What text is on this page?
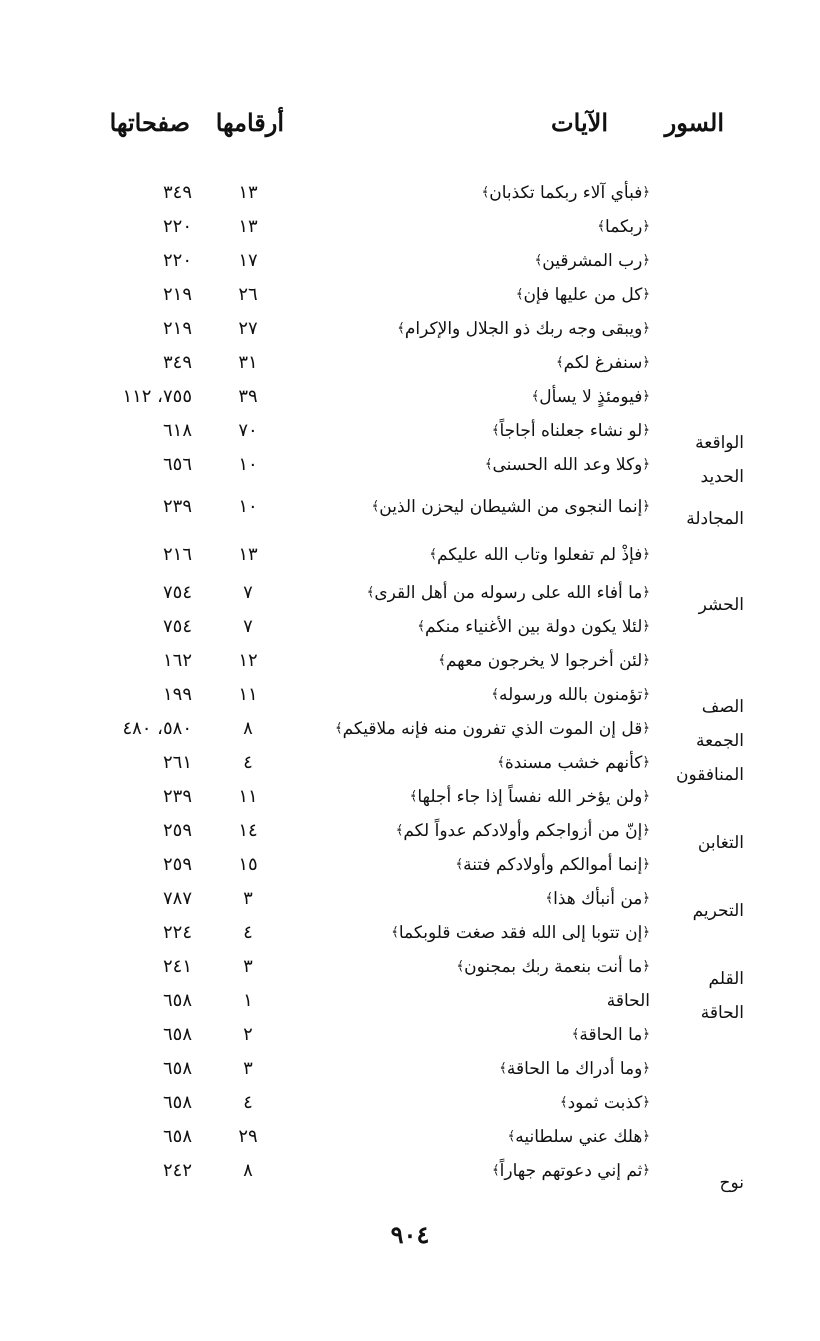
السور
الآيات
أرقامها
صفحاتها
﴿فبأي آلاء ربكما تكذبان﴾
١٣
٣٤٩
﴿ربكما﴾
١٣
٢٢٠
﴿رب المشرقين﴾
١٧
٢٢٠
﴿كل من عليها فإن﴾
٢٦
٢١٩
﴿ويبقى وجه ربك ذو الجلال والإكرام﴾
٢٧
٢١٩
﴿سنفرغ لكم﴾
٣١
٣٤٩
﴿فيومئذٍ لا يسأل﴾
٣٩
٧٥٥، ١١٢
الواقعة
﴿لو نشاء جعلناه أجاجاً﴾
٧٠
٦١٨
الحديد
﴿وكلا وعد الله الحسنى﴾
١٠
٦٥٦
المجادلة
﴿إنما النجوى من الشيطان ليحزن الذين﴾
١٠
٢٣٩
﴿فإذْ لم تفعلوا وتاب الله عليكم﴾
١٣
٢١٦
الحشر
﴿ما أفاء الله على رسوله من أهل القرى﴾
٧
٧٥٤
﴿لئلا يكون دولة بين الأغنياء منكم﴾
٧
٧٥٤
﴿لئن أخرجوا لا يخرجون معهم﴾
١٢
١٦٢
الصف
﴿تؤمنون بالله ورسوله﴾
١١
١٩٩
الجمعة
﴿قل إن الموت الذي تفرون منه فإنه ملاقيكم﴾
٨
٥٨٠، ٤٨٠
المنافقون
﴿كأنهم خشب مسندة﴾
٤
٢٦١
﴿ولن يؤخر الله نفساً إذا جاء أجلها﴾
١١
٢٣٩
التغابن
﴿إنّ من أزواجكم وأولادكم عدواً لكم﴾
١٤
٢٥٩
﴿إنما أموالكم وأولادكم فتنة﴾
١٥
٢٥٩
التحريم
﴿من أنبأك هذا﴾
٣
٧٨٧
﴿إن تتوبا إلى الله فقد صغت قلوبكما﴾
٤
٢٢٤
القلم
﴿ما أنت بنعمة ربك بمجنون﴾
٣
٢٤١
الحاقة
الحاقة
١
٦٥٨
﴿ما الحاقة﴾
٢
٦٥٨
﴿وما أدراك ما الحاقة﴾
٣
٦٥٨
﴿كذبت ثمود﴾
٤
٦٥٨
﴿هلك عني سلطانيه﴾
٢٩
٦٥٨
نوح
﴿ثم إني دعوتهم جهاراً﴾
٨
٢٤٢
٩٠٤
